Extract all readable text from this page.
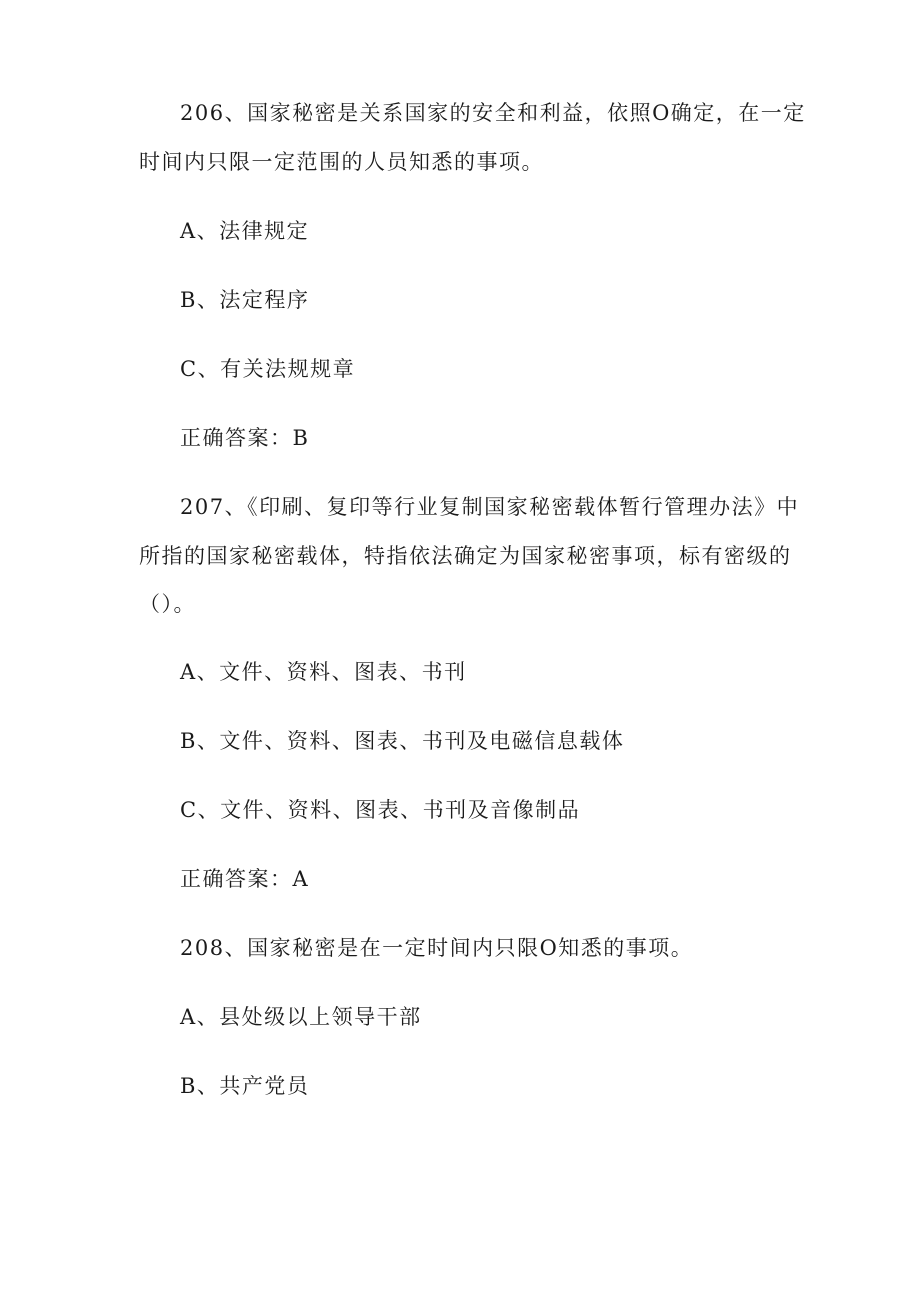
206、国家秘密是关系国家的安全和利益，依照O确定，在一定
时间内只限一定范围的人员知悉的事项。
A、法律规定
B、法定程序
C、有关法规规章
正确答案：B
207、《印刷、复印等行业复制国家秘密载体暂行管理办法》中
所指的国家秘密载体，特指依法确定为国家秘密事项，标有密级的
（）。
A、文件、资料、图表、书刊
B、文件、资料、图表、书刊及电磁信息载体
C、文件、资料、图表、书刊及音像制品
正确答案：A
208、国家秘密是在一定时间内只限O知悉的事项。
A、县处级以上领导干部
B、共产党员
